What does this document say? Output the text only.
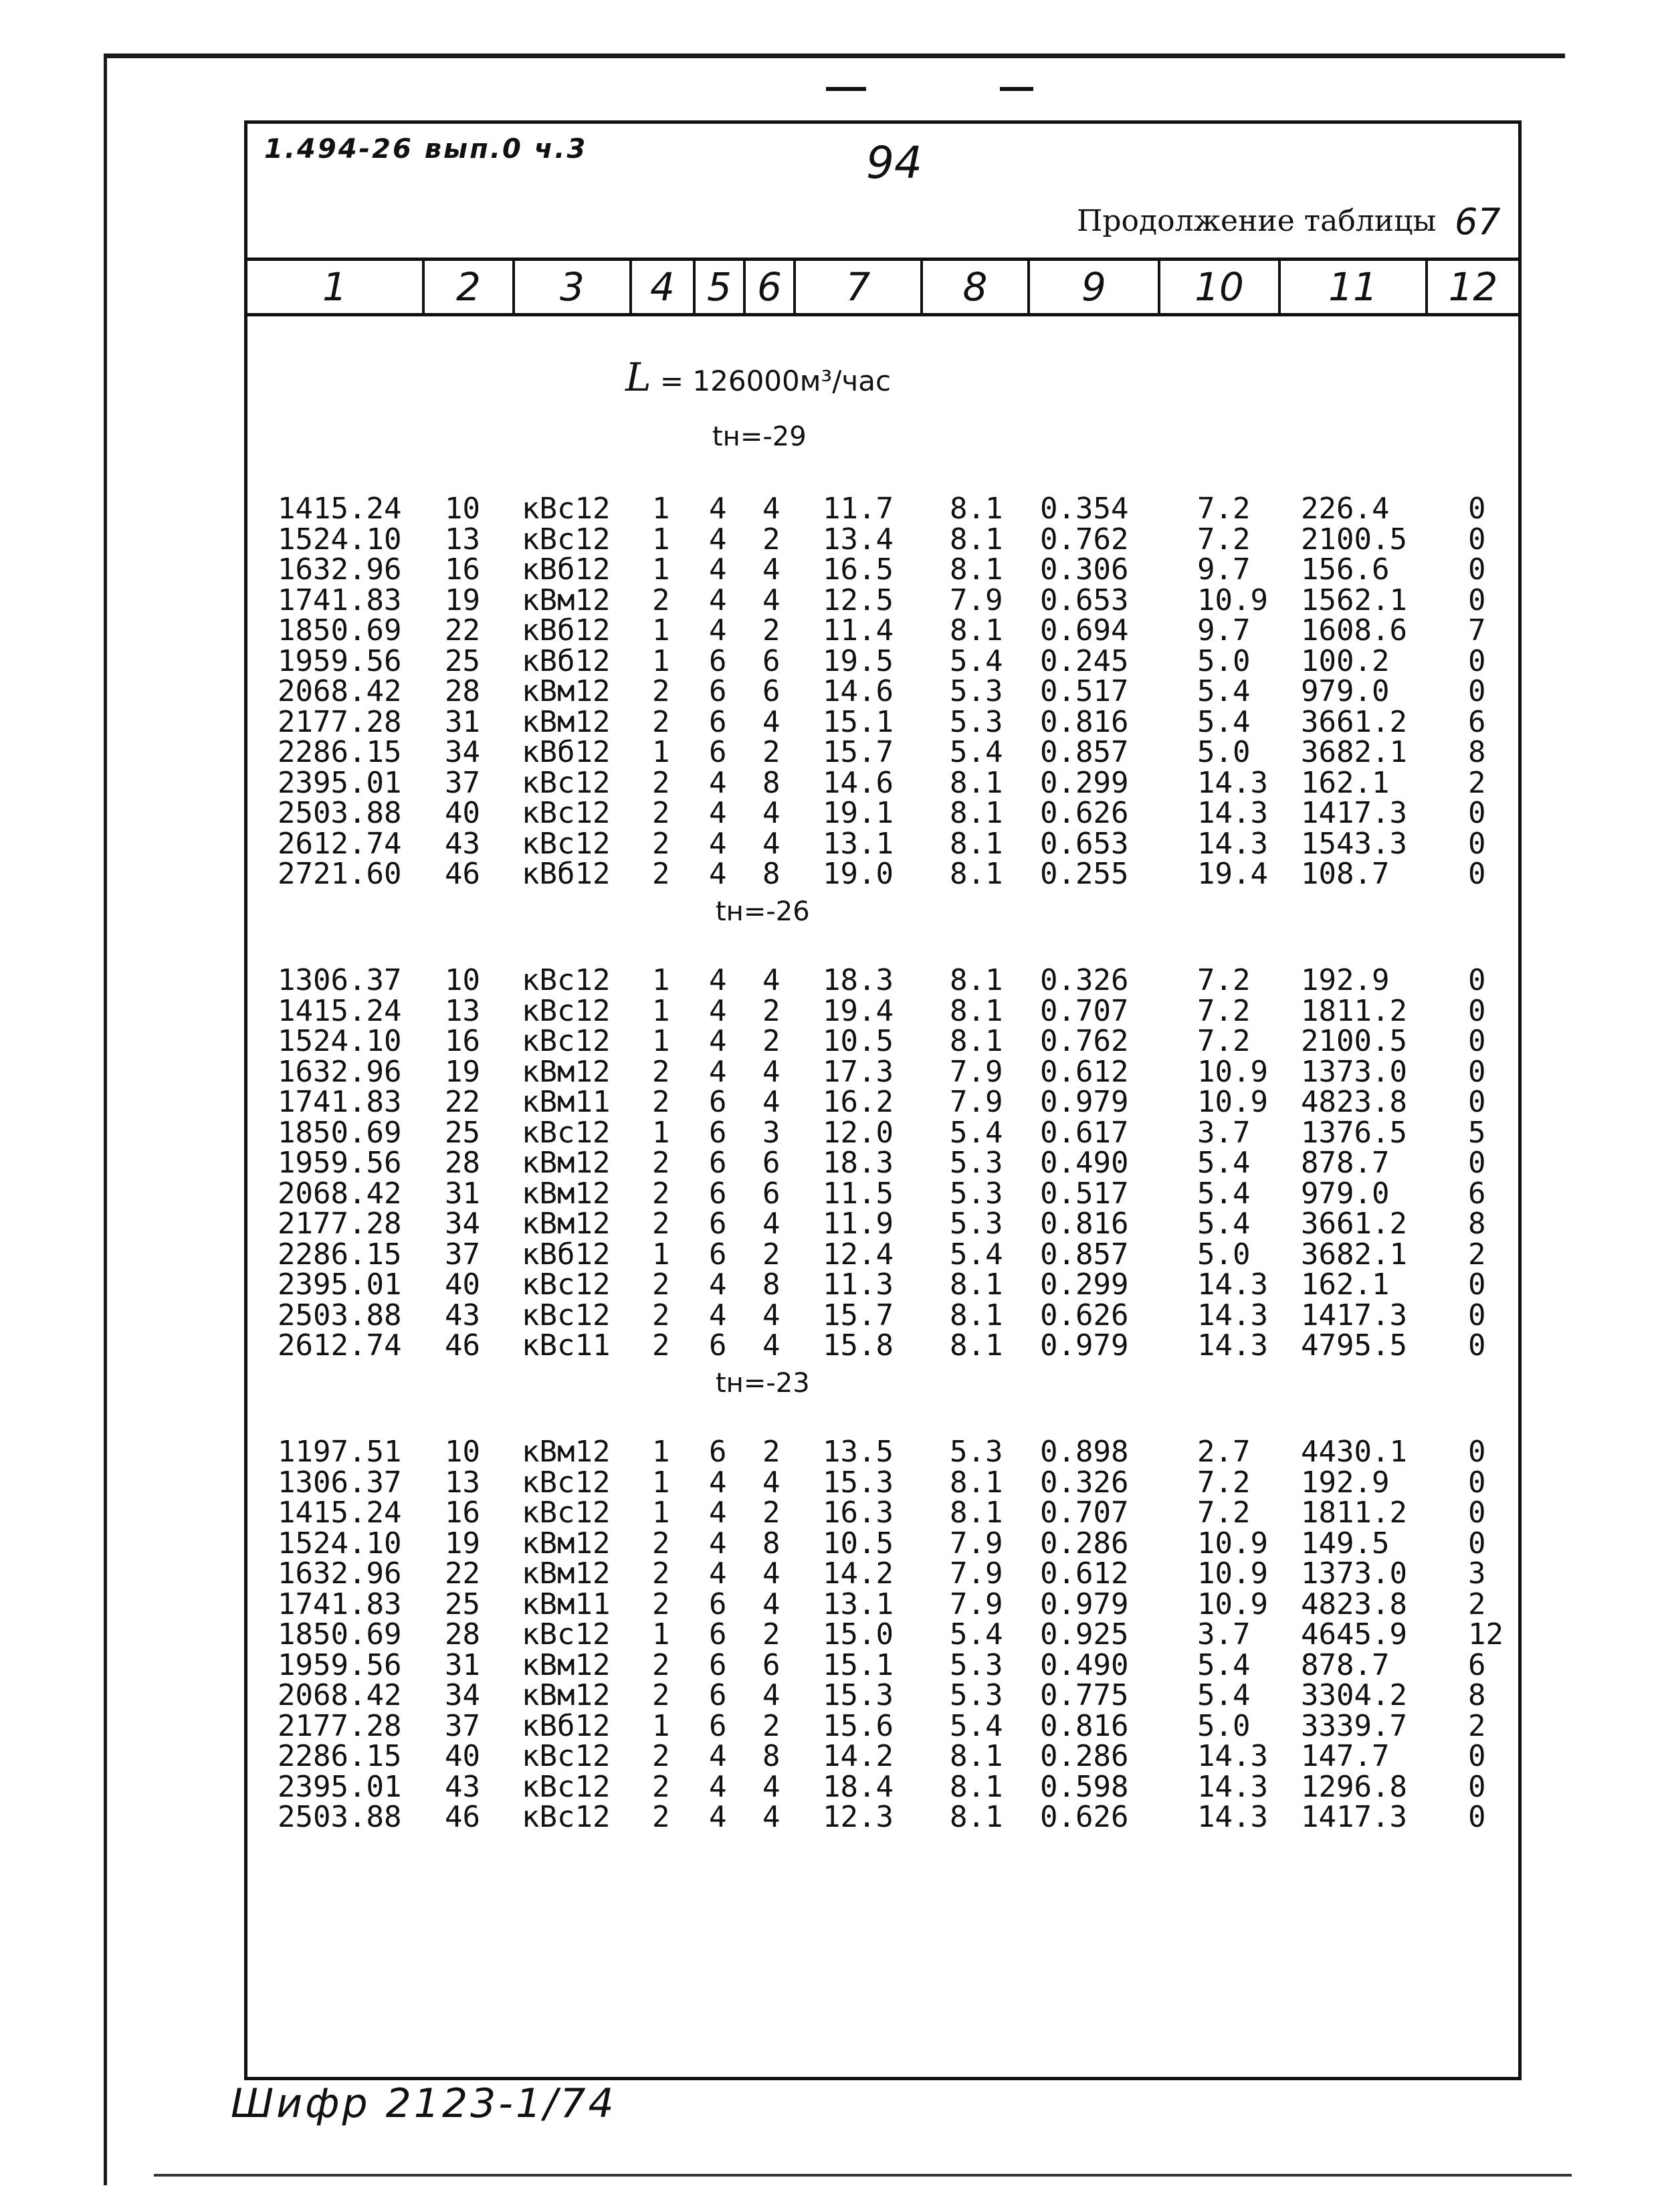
1.494-26 вып.0 ч.3	94
Продолжение таблицы 67
1	2	3	4 5 6	7	8	9	10	11	12
L = 126000м³/час
tн=-29
1415.24 10 кВс12 1 4 4 11.7 8.1 0.354 7.2 226.4	0
1524.10 13 кВс12 1 4 2 13.4 8.1 0.762 7.2 2100.5 0
1632.96 16 кВб12 1 4 4 16.5 8.1 0.306 9.7 156.6	0
1741.83 19 кВм12 2 4 4 12.5 7.9 0.653 10.9 1562.1 0
1850.69 22 кВб12 1 4 2 11.4 8.1 0.694 9.7 1608.6 7
1959.56 25 кВб12 1 6 6 19.5 5.4 0.245 5.0 100.2	0
2068.42 28 кВм12 2 6 6 14.6 5.3 0.517 5.4 979.0	0
2177.28 31 кВм12 2 6 4 15.1 5.3 0.816 5.4 3661.2 6
2286.15 34 кВб12 1 6 2 15.7 5.4 0.857 5.0 3682.1 8
2395.01 37 кВс12 2 4 8 14.6 8.1 0.299 14.3 162.1	2
2503.88 40 кВс12 2 4 4 19.1 8.1 0.626 14.3 1417.3 0
2612.74 43 кВс12 2 4 4 13.1 8.1 0.653 14.3 1543.3 0
2721.60 46 кВб12 2 4 8 19.0 8.1 0.255 19.4 108.7	0
tн=-26
1306.37 10 кВс12 1 4 4 18.3 8.1 0.326 7.2 192.9	0
1415.24 13 кВс12 1 4 2 19.4 8.1 0.707 7.2 1811.2 0
1524.10 16 кВс12 1 4 2 10.5 8.1 0.762 7.2 2100.5 0
1632.96 19 кВм12 2 4 4 17.3 7.9 0.612 10.9 1373.0 0
1741.83 22 кВм11 2 6 4 16.2 7.9 0.979 10.9 4823.8 0
1850.69 25 кВс12 1 6 3 12.0 5.4 0.617 3.7 1376.5 5
1959.56 28 кВм12 2 6 6 18.3 5.3 0.490 5.4 878.7	0
2068.42 31 кВм12 2 6 6 11.5 5.3 0.517 5.4 979.0	6
2177.28 34 кВм12 2 6 4 11.9 5.3 0.816 5.4 3661.2 8
2286.15 37 кВб12 1 6 2 12.4 5.4 0.857 5.0 3682.1 2
2395.01 40 кВс12 2 4 8 11.3 8.1 0.299 14.3 162.1	0
2503.88 43 кВс12 2 4 4 15.7 8.1 0.626 14.3 1417.3 0
2612.74 46 кВс11 2 6 4 15.8 8.1 0.979 14.3 4795.5 0
tн=-23
1197.51 10 кВм12 1 6 2 13.5 5.3 0.898 2.7 4430.1 0
1306.37 13 кВс12 1 4 4 15.3 8.1 0.326 7.2 192.9	0
1415.24 16 кВс12 1 4 2 16.3 8.1 0.707 7.2 1811.2 0
1524.10 19 кВм12 2 4 8 10.5 7.9 0.286 10.9 149.5	0
1632.96 22 кВм12 2 4 4 14.2 7.9 0.612 10.9 1373.0 3
1741.83 25 кВм11 2 6 4 13.1 7.9 0.979 10.9 4823.8 2
1850.69 28 кВс12 1 6 2 15.0 5.4 0.925 3.7 4645.9 12
1959.56 31 кВм12 2 6 6 15.1 5.3 0.490 5.4 878.7	6
2068.42 34 кВм12 2 6 4 15.3 5.3 0.775 5.4 3304.2 8
2177.28 37 кВб12 1 6 2 15.6 5.4 0.816 5.0 3339.7 2
2286.15 40 кВс12 2 4 8 14.2 8.1 0.286 14.3 147.7	0
2395.01 43 кВс12 2 4 4 18.4 8.1 0.598 14.3 1296.8 0
2503.88 46 кВс12 2 4 4 12.3 8.1 0.626 14.3 1417.3 0
Шифр 2123-1/74
